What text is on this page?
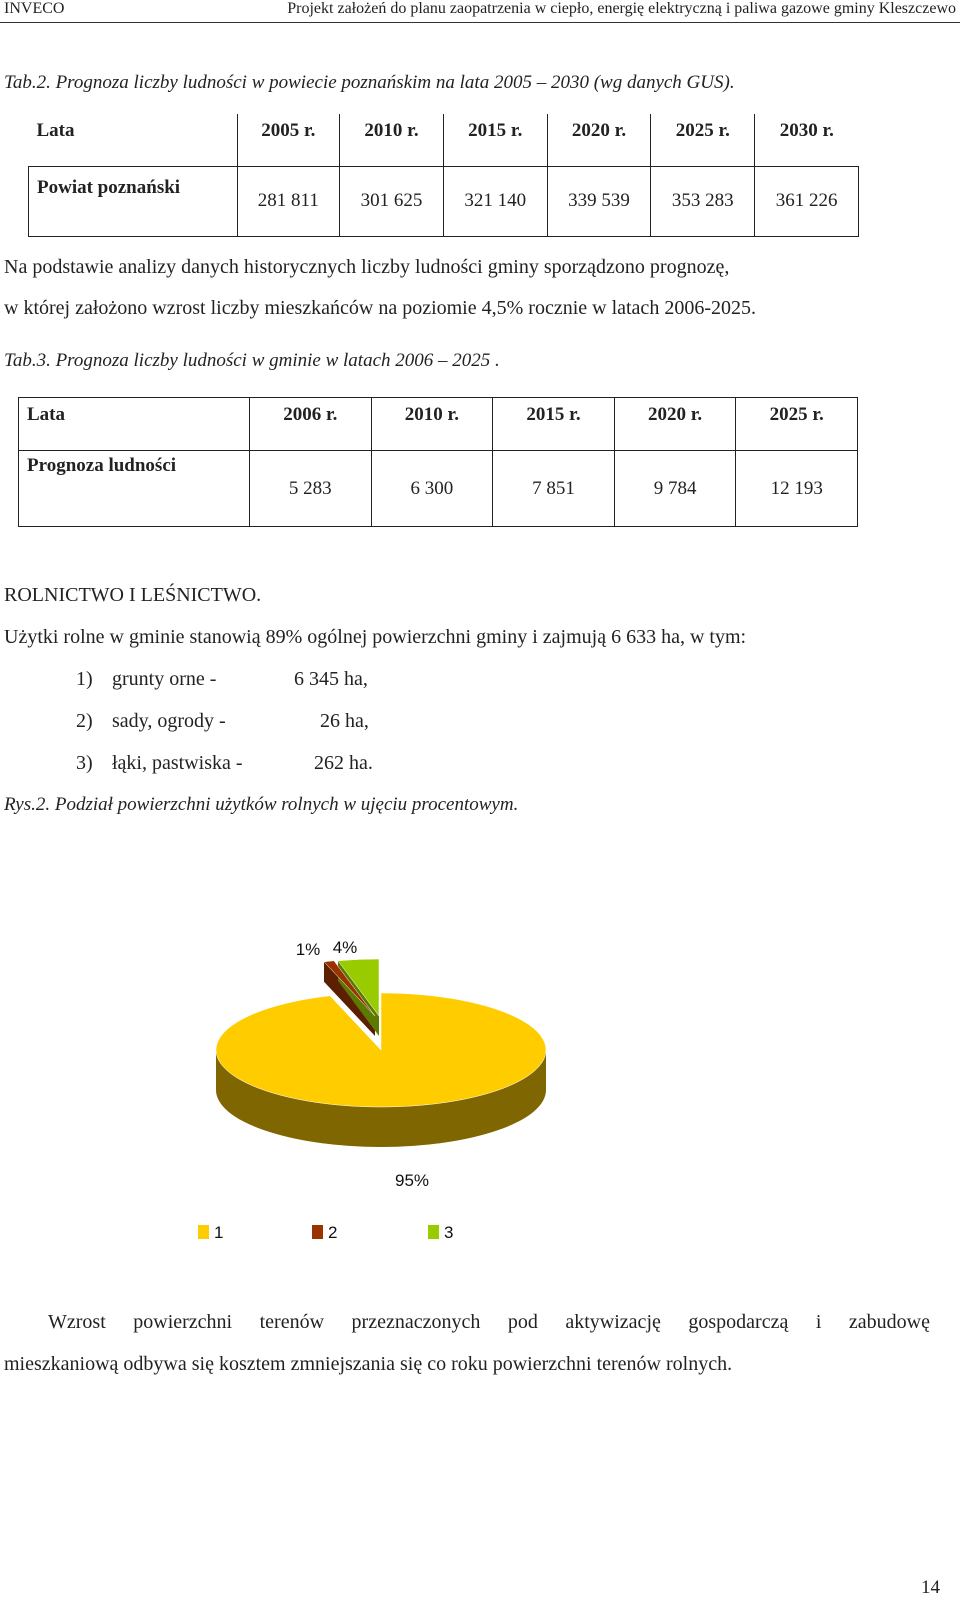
INVECO	Projekt założeń do planu zaopatrzenia w ciepło, energię elektryczną i paliwa gazowe gminy Kleszczewo
Tab.2. Prognoza liczby ludności w powiecie poznańskim na lata 2005 – 2030 (wg danych GUS).
Lata	2005 r.	2010 r.	2015 r.	2020 r.	2025 r.	2030 r.
Powiat poznański	281 811	301 625	321 140	339 539	353 283	361 226
Na podstawie analizy danych historycznych liczby ludności gminy sporządzono prognozę,
w której założono wzrost liczby mieszkańców na poziomie 4,5% rocznie w latach 2006-2025.
Tab.3. Prognoza liczby ludności w gminie w latach 2006 – 2025 .
Lata	2006 r.	2010 r.	2015 r.	2020 r.	2025 r.
Prognoza ludności	5 283	6 300	7 851	9 784	12 193
ROLNICTWO I LEŚNICTWO.
Użytki rolne w gminie stanowią 89% ogólnej powierzchni gminy i zajmują 6 633 ha, w tym:
1) grunty orne -	6 345 ha,
2) sady, ogrody -	26 ha,
3) łąki, pastwiska -	262 ha.
Rys.2. Podział powierzchni użytków rolnych w ujęciu procentowym.
95%
1% 4%
1	2	3
Wzrost powierzchni terenów przeznaczonych pod aktywizację gospodarczą i zabudowę
mieszkaniową odbywa się kosztem zmniejszania się co roku powierzchni terenów rolnych.
14
